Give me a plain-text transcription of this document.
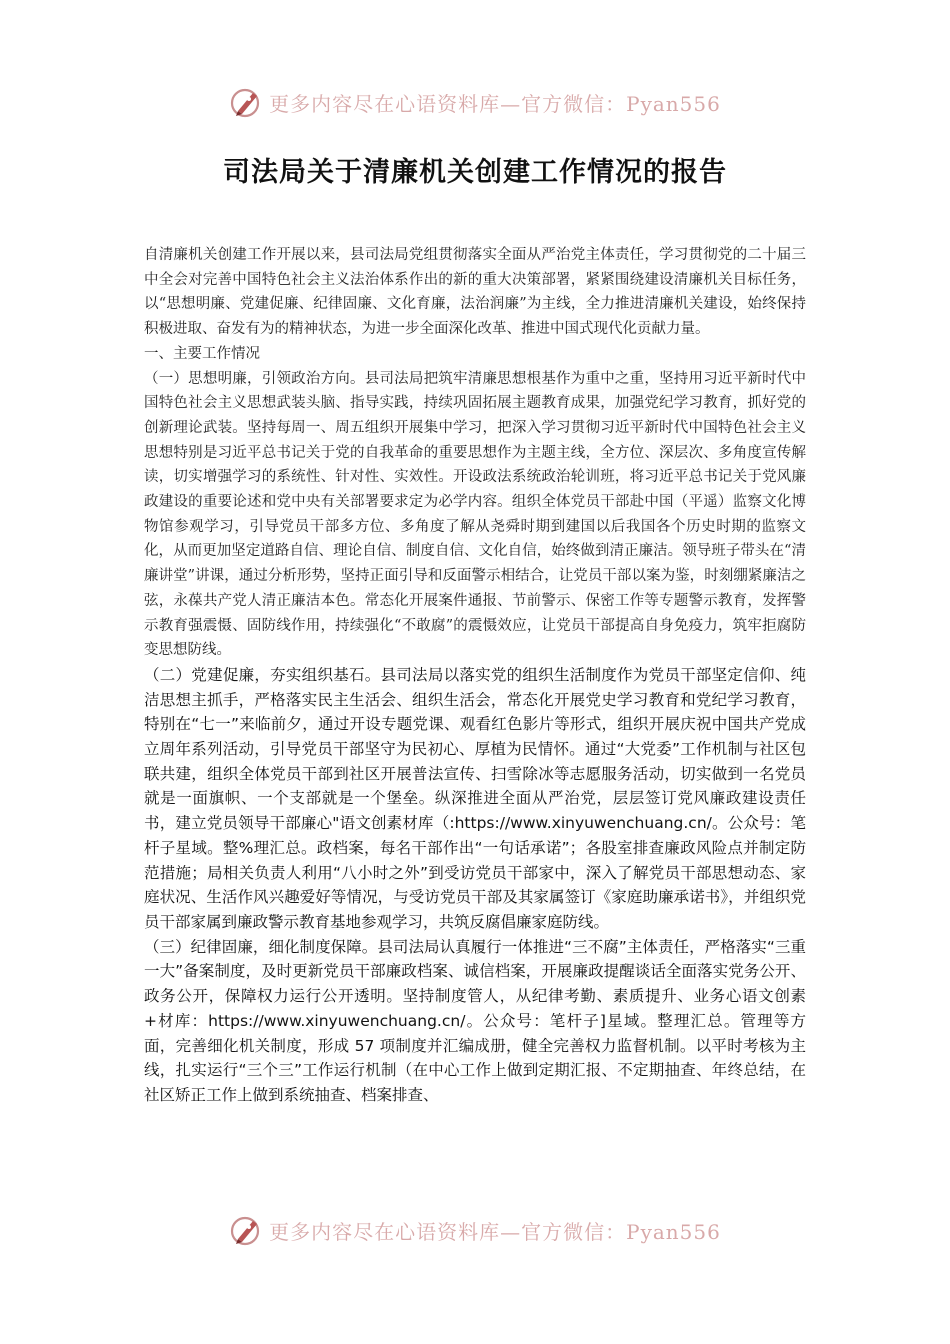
更多内容尽在心语资料库—官方微信：Pyan556
司法局关于清廉机关创建工作情况的报告

自清廉机关创建工作开展以来，县司法局党组贯彻落实全面从严治党主体责任，学习贯彻党的二十届三中全会对完善中国特色社会主义法治体系作出的新的重大决策部署，紧紧围绕建设清廉机关目标任务，以“思想明廉、党建促廉、纪律固廉、文化育廉，法治润廉”为主线，全力推进清廉机关建设，始终保持积极进取、奋发有为的精神状态，为进一步全面深化改革、推进中国式现代化贡献力量。

一、主要工作情况

（一）思想明廉，引领政治方向。县司法局把筑牢清廉思想根基作为重中之重，坚持用习近平新时代中国特色社会主义思想武装头脑、指导实践，持续巩固拓展主题教育成果，加强党纪学习教育，抓好党的创新理论武装。坚持每周一、周五组织开展集中学习，把深入学习贯彻习近平新时代中国特色社会主义思想特别是习近平总书记关于党的自我革命的重要思想作为主题主线，全方位、深层次、多角度宣传解读，切实增强学习的系统性、针对性、实效性。开设政法系统政治轮训班，将习近平总书记关于党风廉政建设的重要论述和党中央有关部署要求定为必学内容。组织全体党员干部赴中国（平遥）监察文化博物馆参观学习，引导党员干部多方位、多角度了解从尧舜时期到建国以后我国各个历史时期的监察文化，从而更加坚定道路自信、理论自信、制度自信、文化自信，始终做到清正廉洁。领导班子带头在“清廉讲堂”讲课，通过分析形势，坚持正面引导和反面警示相结合，让党员干部以案为鉴，时刻绷紧廉洁之弦，永葆共产党人清正廉洁本色。常态化开展案件通报、节前警示、保密工作等专题警示教育，发挥警示教育强震慑、固防线作用，持续强化“不敢腐”的震慑效应，让党员干部提高自身免疫力，筑牢拒腐防变思想防线。

（二）党建促廉，夯实组织基石。县司法局以落实党的组织生活制度作为党员干部坚定信仰、纯洁思想主抓手，严格落实民主生活会、组织生活会，常态化开展党史学习教育和党纪学习教育，特别在“七一”来临前夕，通过开设专题党课、观看红色影片等形式，组织开展庆祝中国共产党成立周年系列活动，引导党员干部坚守为民初心、厚植为民情怀。通过“大党委”工作机制与社区包联共建，组织全体党员干部到社区开展普法宣传、扫雪除冰等志愿服务活动，切实做到一名党员就是一面旗帜、一个支部就是一个堡垒。纵深推进全面从严治党，层层签订党风廉政建设责任书，建立党员领导干部廉心"语文创素材库（:https://www.xinyuwenchuang.cn/。公众号：笔杆子星域。整%理汇总。政档案，每名干部作出“一句话承诺”；各股室排查廉政风险点并制定防范措施；局相关负责人利用“八小时之外”到受访党员干部家中，深入了解党员干部思想动态、家庭状况、生活作风兴趣爱好等情况，与受访党员干部及其家属签订《家庭助廉承诺书》，并组织党员干部家属到廉政警示教育基地参观学习，共筑反腐倡廉家庭防线。

（三）纪律固廉，细化制度保障。县司法局认真履行一体推进“三不腐”主体责任，严格落实“三重一大”备案制度，及时更新党员干部廉政档案、诚信档案，开展廉政提醒谈话全面落实党务公开、政务公开，保障权力运行公开透明。坚持制度管人，从纪律考勤、素质提升、业务心语文创素+材库：https://www.xinyuwenchuang.cn/。公众号：笔杆子]星域。整理汇总。管理等方面，完善细化机关制度，形成 57 项制度并汇编成册，健全完善权力监督机制。以平时考核为主线，扎实运行“三个三”工作运行机制（在中心工作上做到定期汇报、不定期抽查、年终总结，在社区矫正工作上做到系统抽查、档案排查、

更多内容尽在心语资料库—官方微信：Pyan556
